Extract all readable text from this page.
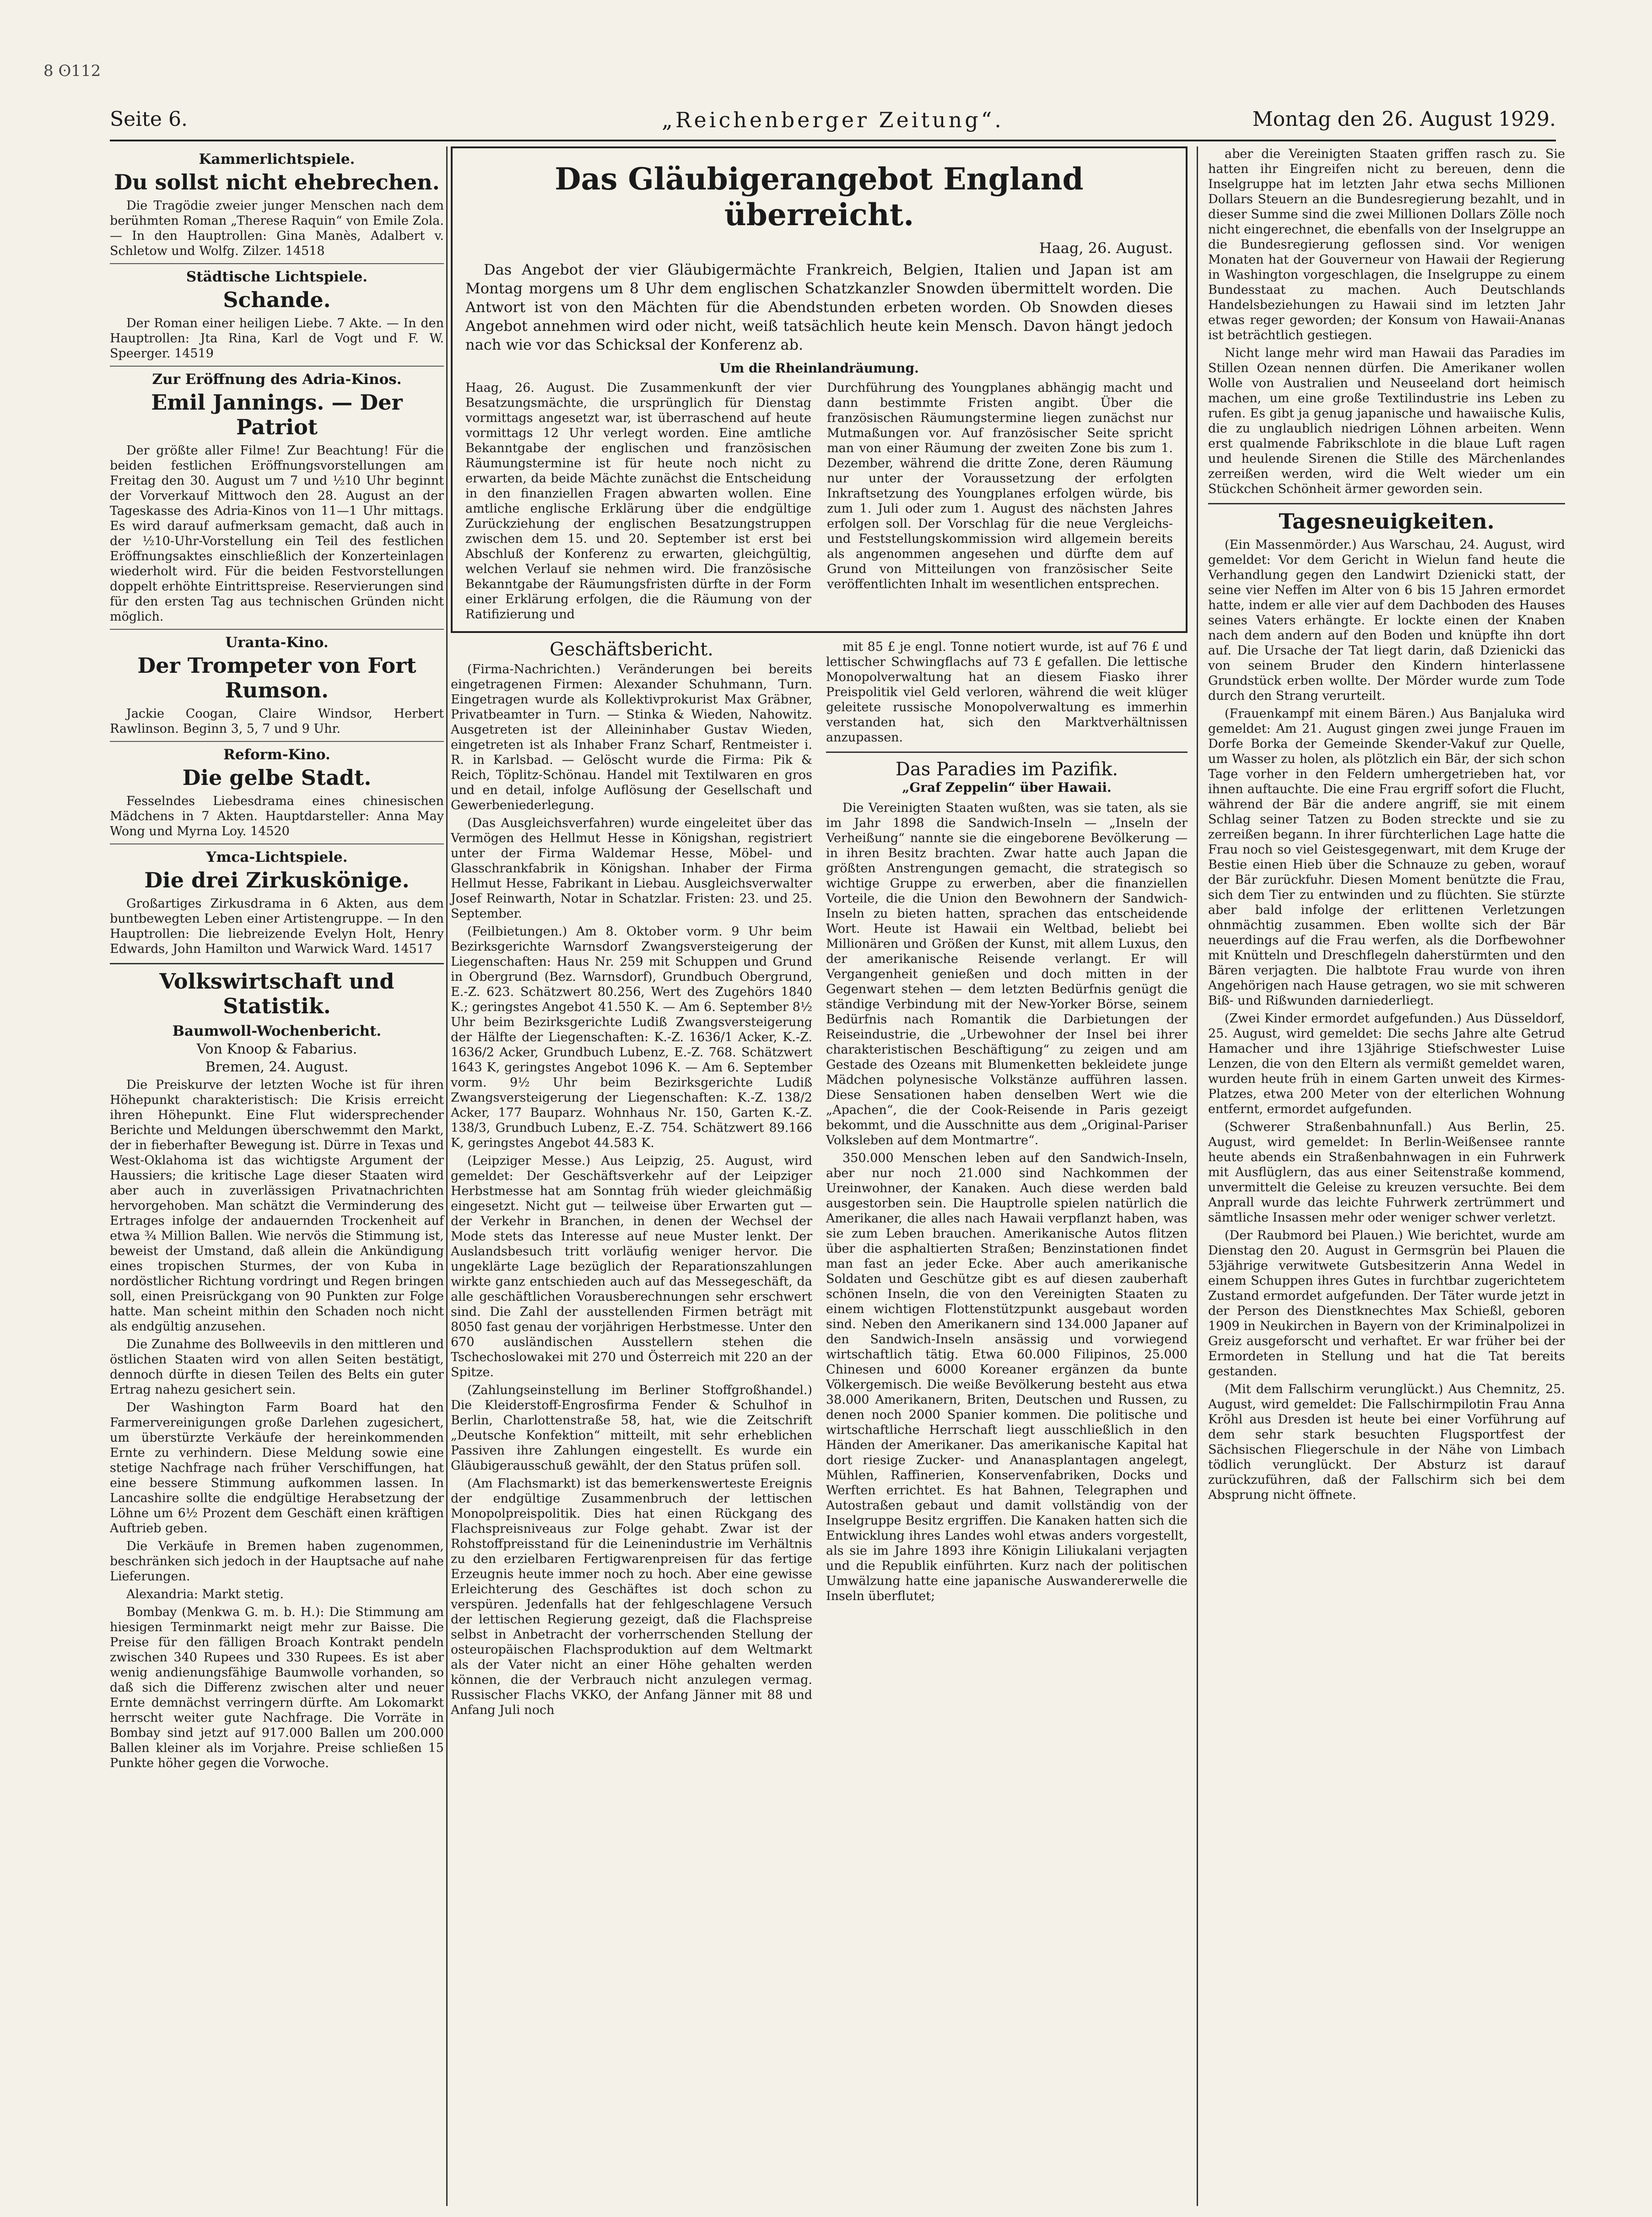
8 ʘ112
Seite 6.	„Reichenberger Zeitung“.	Montag den 26. August 1929.
Kammerlichtspiele.
Du sollst nicht ehebrechen.

Die Tragödie zweier junger Menschen nach dem berühmten Roman „Therese Raquin“ von Emile Zola. — In den Hauptrollen: Gina Manès, Adalbert v. Schletow und Wolfg. Zilzer. 14518

Städtische Lichtspiele.
Schande.

Der Roman einer heiligen Liebe. 7 Akte. — In den Hauptrollen: Jta Rina, Karl de Vogt und F. W. Speerger. 14519

Zur Eröffnung des Adria-Kinos.
Emil Jannings. — Der Patriot

Der größte aller Filme! Zur Beachtung! Für die beiden festlichen Eröffnungsvorstellungen am Freitag den 30. August um 7 und ½10 Uhr beginnt der Vorverkauf Mittwoch den 28. August an der Tageskasse des Adria-Kinos von 11—1 Uhr mittags. Es wird darauf aufmerksam gemacht, daß auch in der ½10-Uhr-Vorstellung ein Teil des festlichen Eröffnungsaktes einschließlich der Konzerteinlagen wiederholt wird. Für die beiden Festvorstellungen doppelt erhöhte Eintrittspreise. Reservierungen sind für den ersten Tag aus technischen Gründen nicht möglich.

Uranta-Kino.
Der Trompeter von Fort Rumson.

Jackie Coogan, Claire Windsor, Herbert Rawlinson. Beginn 3, 5, 7 und 9 Uhr.

Reform-Kino.
Die gelbe Stadt.

Fesselndes Liebesdrama eines chinesischen Mädchens in 7 Akten. Hauptdarsteller: Anna May Wong und Myrna Loy. 14520

Ymca-Lichtspiele.
Die drei Zirkuskönige.

Großartiges Zirkusdrama in 6 Akten, aus dem buntbewegten Leben einer Artistengruppe. — In den Hauptrollen: Die liebreizende Evelyn Holt, Henry Edwards, John Hamilton und Warwick Ward. 14517

Volkswirtschaft und Statistik.
Baumwoll-Wochenbericht.
Von Knoop & Fabarius.
Bremen, 24. August.

Die Preiskurve der letzten Woche ist für ihren Höhepunkt charakteristisch: Die Krisis erreicht ihren Höhepunkt. Eine Flut widersprechender Berichte und Meldungen überschwemmt den Markt, der in fieberhafter Bewegung ist. Dürre in Texas und West-Oklahoma ist das wichtigste Argument der Haussiers; die kritische Lage dieser Staaten wird aber auch in zuverlässigen Privatnachrichten hervorgehoben. Man schätzt die Verminderung des Ertrages infolge der andauernden Trockenheit auf etwa ¾ Million Ballen. Wie nervös die Stimmung ist, beweist der Umstand, daß allein die Ankündigung eines tropischen Sturmes, der von Kuba in nordöstlicher Richtung vordringt und Regen bringen soll, einen Preisrückgang von 90 Punkten zur Folge hatte. Man scheint mithin den Schaden noch nicht als endgültig anzusehen.

Die Zunahme des Bollweevils in den mittleren und östlichen Staaten wird von allen Seiten bestätigt, dennoch dürfte in diesen Teilen des Belts ein guter Ertrag nahezu gesichert sein.

Der Washington Farm Board hat den Farmervereinigungen große Darlehen zugesichert, um überstürzte Verkäufe der hereinkommenden Ernte zu verhindern. Diese Meldung sowie eine stetige Nachfrage nach früher Verschiffungen, hat eine bessere Stimmung aufkommen lassen. In Lancashire sollte die endgültige Herabsetzung der Löhne um 6½ Prozent dem Geschäft einen kräftigen Auftrieb geben.

Die Verkäufe in Bremen haben zugenommen, beschränken sich jedoch in der Hauptsache auf nahe Lieferungen.

Alexandria: Markt stetig.

Bombay (Menkwa G. m. b. H.): Die Stimmung am hiesigen Terminmarkt neigt mehr zur Baisse. Die Preise für den fälligen Broach Kontrakt pendeln zwischen 340 Rupees und 330 Rupees. Es ist aber wenig andienungsfähige Baumwolle vorhanden, so daß sich die Differenz zwischen alter und neuer Ernte demnächst verringern dürfte. Am Lokomarkt herrscht weiter gute Nachfrage. Die Vorräte in Bombay sind jetzt auf 917.000 Ballen um 200.000 Ballen kleiner als im Vorjahre. Preise schließen 15 Punkte höher gegen die Vorwoche.

Das Gläubigerangebot England überreicht.
Haag, 26. August.

Das Angebot der vier Gläubigermächte Frankreich, Belgien, Italien und Japan ist am Montag morgens um 8 Uhr dem englischen Schatzkanzler Snowden übermittelt worden. Die Antwort ist von den Mächten für die Abendstunden erbeten worden. Ob Snowden dieses Angebot annehmen wird oder nicht, weiß tatsächlich heute kein Mensch. Davon hängt jedoch nach wie vor das Schicksal der Konferenz ab.

Um die Rheinlandräumung.
Haag, 26. August. Die Zusammenkunft der vier Besatzungsmächte, die ursprünglich für Dienstag vormittags angesetzt war, ist überraschend auf heute vormittags 12 Uhr verlegt worden. Eine amtliche Bekanntgabe der englischen und französischen Räumungstermine ist für heute noch nicht zu erwarten, da beide Mächte zunächst die Entscheidung in den finanziellen Fragen abwarten wollen. Eine amtliche englische Erklärung über die endgültige Zurückziehung der englischen Besatzungstruppen zwischen dem 15. und 20. September ist erst bei Abschluß der Konferenz zu erwarten, gleichgültig, welchen Verlauf sie nehmen wird. Die französische Bekanntgabe der Räumungsfristen dürfte in der Form einer Erklärung erfolgen, die die Räumung von der Ratifizierung und
Durchführung des Youngplanes abhängig macht und dann bestimmte Fristen angibt. Über die französischen Räumungstermine liegen zunächst nur Mutmaßungen vor. Auf französischer Seite spricht man von einer Räumung der zweiten Zone bis zum 1. Dezember, während die dritte Zone, deren Räumung nur unter der Voraussetzung der erfolgten Inkraftsetzung des Youngplanes erfolgen würde, bis zum 1. Juli oder zum 1. August des nächsten Jahres erfolgen soll. Der Vorschlag für die neue Vergleichs- und Feststellungskommission wird allgemein bereits als angenommen angesehen und dürfte dem auf Grund von Mitteilungen von französischer Seite veröffentlichten Inhalt im wesentlichen entsprechen.
Geschäftsbericht.

(Firma-Nachrichten.) Veränderungen bei bereits eingetragenen Firmen: Alexander Schuhmann, Turn. Eingetragen wurde als Kollektivprokurist Max Gräbner, Privatbeamter in Turn. — Stinka & Wieden, Nahowitz. Ausgetreten ist der Alleininhaber Gustav Wieden, eingetreten ist als Inhaber Franz Scharf, Rentmeister i. R. in Karlsbad. — Gelöscht wurde die Firma: Pik & Reich, Töplitz-Schönau. Handel mit Textilwaren en gros und en detail, infolge Auflösung der Gesellschaft und Gewerbeniederlegung.

(Das Ausgleichsverfahren) wurde eingeleitet über das Vermögen des Hellmut Hesse in Königshan, registriert unter der Firma Waldemar Hesse, Möbel- und Glasschrankfabrik in Königshan. Inhaber der Firma Hellmut Hesse, Fabrikant in Liebau. Ausgleichsverwalter Josef Reinwarth, Notar in Schatzlar. Fristen: 23. und 25. September.

(Feilbietungen.) Am 8. Oktober vorm. 9 Uhr beim Bezirksgerichte Warnsdorf Zwangsversteigerung der Liegenschaften: Haus Nr. 259 mit Schuppen und Grund in Obergrund (Bez. Warnsdorf), Grundbuch Obergrund, E.-Z. 623. Schätzwert 80.256, Wert des Zugehörs 1840 K.; geringstes Angebot 41.550 K. — Am 6. September 8½ Uhr beim Bezirksgerichte Ludiß Zwangsversteigerung der Hälfte der Liegenschaften: K.-Z. 1636/1 Acker, K.-Z. 1636/2 Acker, Grundbuch Lubenz, E.-Z. 768. Schätzwert 1643 K, geringstes Angebot 1096 K. — Am 6. September vorm. 9½ Uhr beim Bezirksgerichte Ludiß Zwangsversteigerung der Liegenschaften: K.-Z. 138/2 Acker, 177 Bauparz. Wohnhaus Nr. 150, Garten K.-Z. 138/3, Grundbuch Lubenz, E.-Z. 754. Schätzwert 89.166 K, geringstes Angebot 44.583 K.

(Leipziger Messe.) Aus Leipzig, 25. August, wird gemeldet: Der Geschäftsverkehr auf der Leipziger Herbstmesse hat am Sonntag früh wieder gleichmäßig eingesetzt. Nicht gut — teilweise über Erwarten gut — der Verkehr in Branchen, in denen der Wechsel der Mode stets das Interesse auf neue Muster lenkt. Der Auslandsbesuch tritt vorläufig weniger hervor. Die ungeklärte Lage bezüglich der Reparationszahlungen wirkte ganz entschieden auch auf das Messegeschäft, da alle geschäftlichen Vorausberechnungen sehr erschwert sind. Die Zahl der ausstellenden Firmen beträgt mit 8050 fast genau der vorjährigen Herbstmesse. Unter den 670 ausländischen Ausstellern stehen die Tschechoslowakei mit 270 und Österreich mit 220 an der Spitze.

(Zahlungseinstellung im Berliner Stoffgroßhandel.) Die Kleiderstoff-Engrosfirma Fender & Schulhof in Berlin, Charlottenstraße 58, hat, wie die Zeitschrift „Deutsche Konfektion“ mitteilt, mit sehr erheblichen Passiven ihre Zahlungen eingestellt. Es wurde ein Gläubigerausschuß gewählt, der den Status prüfen soll.

(Am Flachsmarkt) ist das bemerkenswerteste Ereignis der endgültige Zusammenbruch der lettischen Monopolpreispolitik. Dies hat einen Rückgang des Flachspreisniveaus zur Folge gehabt. Zwar ist der Rohstoffpreisstand für die Leinenindustrie im Verhältnis zu den erzielbaren Fertigwarenpreisen für das fertige Erzeugnis heute immer noch zu hoch. Aber eine gewisse Erleichterung des Geschäftes ist doch schon zu verspüren. Jedenfalls hat der fehlgeschlagene Versuch der lettischen Regierung gezeigt, daß die Flachspreise selbst in Anbetracht der vorherrschenden Stellung der osteuropäischen Flachsproduktion auf dem Weltmarkt als der Vater nicht an einer Höhe gehalten werden können, die der Verbrauch nicht anzulegen vermag. Russischer Flachs VKKO, der Anfang Jänner mit 88 und Anfang Juli noch

mit 85 £ je engl. Tonne notiert wurde, ist auf 76 £ und lettischer Schwingflachs auf 73 £ gefallen. Die lettische Monopolverwaltung hat an diesem Fiasko ihrer Preispolitik viel Geld verloren, während die weit klüger geleitete russische Monopolverwaltung es immerhin verstanden hat, sich den Marktverhältnissen anzupassen.

Das Paradies im Pazifik.
„Graf Zeppelin“ über Hawaii.

Die Vereinigten Staaten wußten, was sie taten, als sie im Jahr 1898 die Sandwich-Inseln — „Inseln der Verheißung“ nannte sie die eingeborene Bevölkerung — in ihren Besitz brachten. Zwar hatte auch Japan die größten Anstrengungen gemacht, die strategisch so wichtige Gruppe zu erwerben, aber die finanziellen Vorteile, die die Union den Bewohnern der Sandwich-Inseln zu bieten hatten, sprachen das entscheidende Wort. Heute ist Hawaii ein Weltbad, beliebt bei Millionären und Größen der Kunst, mit allem Luxus, den der amerikanische Reisende verlangt. Er will Vergangenheit genießen und doch mitten in der Gegenwart stehen — dem letzten Bedürfnis genügt die ständige Verbindung mit der New-Yorker Börse, seinem Bedürfnis nach Romantik die Darbietungen der Reiseindustrie, die „Urbewohner der Insel bei ihrer charakteristischen Beschäftigung“ zu zeigen und am Gestade des Ozeans mit Blumenketten bekleidete junge Mädchen polynesische Volkstänze aufführen lassen. Diese Sensationen haben denselben Wert wie die „Apachen“, die der Cook-Reisende in Paris gezeigt bekommt, und die Ausschnitte aus dem „Original-Pariser Volksleben auf dem Montmartre“.

350.000 Menschen leben auf den Sandwich-Inseln, aber nur noch 21.000 sind Nachkommen der Ureinwohner, der Kanaken. Auch diese werden bald ausgestorben sein. Die Hauptrolle spielen natürlich die Amerikaner, die alles nach Hawaii verpflanzt haben, was sie zum Leben brauchen. Amerikanische Autos flitzen über die asphaltierten Straßen; Benzinstationen findet man fast an jeder Ecke. Aber auch amerikanische Soldaten und Geschütze gibt es auf diesen zauberhaft schönen Inseln, die von den Vereinigten Staaten zu einem wichtigen Flottenstützpunkt ausgebaut worden sind. Neben den Amerikanern sind 134.000 Japaner auf den Sandwich-Inseln ansässig und vorwiegend wirtschaftlich tätig. Etwa 60.000 Filipinos, 25.000 Chinesen und 6000 Koreaner ergänzen da bunte Völkergemisch. Die weiße Bevölkerung besteht aus etwa 38.000 Amerikanern, Briten, Deutschen und Russen, zu denen noch 2000 Spanier kommen. Die politische und wirtschaftliche Herrschaft liegt ausschließlich in den Händen der Amerikaner. Das amerikanische Kapital hat dort riesige Zucker- und Ananasplantagen angelegt, Mühlen, Raffinerien, Konservenfabriken, Docks und Werften errichtet. Es hat Bahnen, Telegraphen und Autostraßen gebaut und damit vollständig von der Inselgruppe Besitz ergriffen. Die Kanaken hatten sich die Entwicklung ihres Landes wohl etwas anders vorgestellt, als sie im Jahre 1893 ihre Königin Liliukalani verjagten und die Republik einführten. Kurz nach der politischen Umwälzung hatte eine japanische Auswandererwelle die Inseln überflutet;

aber die Vereinigten Staaten griffen rasch zu. Sie hatten ihr Eingreifen nicht zu bereuen, denn die Inselgruppe hat im letzten Jahr etwa sechs Millionen Dollars Steuern an die Bundesregierung bezahlt, und in dieser Summe sind die zwei Millionen Dollars Zölle noch nicht eingerechnet, die ebenfalls von der Inselgruppe an die Bundesregierung geflossen sind. Vor wenigen Monaten hat der Gouverneur von Hawaii der Regierung in Washington vorgeschlagen, die Inselgruppe zu einem Bundesstaat zu machen. Auch Deutschlands Handelsbeziehungen zu Hawaii sind im letzten Jahr etwas reger geworden; der Konsum von Hawaii-Ananas ist beträchtlich gestiegen.

Nicht lange mehr wird man Hawaii das Paradies im Stillen Ozean nennen dürfen. Die Amerikaner wollen Wolle von Australien und Neuseeland dort heimisch machen, um eine große Textilindustrie ins Leben zu rufen. Es gibt ja genug japanische und hawaiische Kulis, die zu unglaublich niedrigen Löhnen arbeiten. Wenn erst qualmende Fabrikschlote in die blaue Luft ragen und heulende Sirenen die Stille des Märchenlandes zerreißen werden, wird die Welt wieder um ein Stückchen Schönheit ärmer geworden sein.

Tagesneuigkeiten.

(Ein Massenmörder.) Aus Warschau, 24. August, wird gemeldet: Vor dem Gericht in Wielun fand heute die Verhandlung gegen den Landwirt Dzienicki statt, der seine vier Neffen im Alter von 6 bis 15 Jahren ermordet hatte, indem er alle vier auf dem Dachboden des Hauses seines Vaters erhängte. Er lockte einen der Knaben nach dem andern auf den Boden und knüpfte ihn dort auf. Die Ursache der Tat liegt darin, daß Dzienicki das von seinem Bruder den Kindern hinterlassene Grundstück erben wollte. Der Mörder wurde zum Tode durch den Strang verurteilt.

(Frauenkampf mit einem Bären.) Aus Banjaluka wird gemeldet: Am 21. August gingen zwei junge Frauen im Dorfe Borka der Gemeinde Skender-Vakuf zur Quelle, um Wasser zu holen, als plötzlich ein Bär, der sich schon Tage vorher in den Feldern umhergetrieben hat, vor ihnen auftauchte. Die eine Frau ergriff sofort die Flucht, während der Bär die andere angriff, sie mit einem Schlag seiner Tatzen zu Boden streckte und sie zu zerreißen begann. In ihrer fürchterlichen Lage hatte die Frau noch so viel Geistesgegenwart, mit dem Kruge der Bestie einen Hieb über die Schnauze zu geben, worauf der Bär zurückfuhr. Diesen Moment benützte die Frau, sich dem Tier zu entwinden und zu flüchten. Sie stürzte aber bald infolge der erlittenen Verletzungen ohnmächtig zusammen. Eben wollte sich der Bär neuerdings auf die Frau werfen, als die Dorfbewohner mit Knütteln und Dreschflegeln daherstürmten und den Bären verjagten. Die halbtote Frau wurde von ihren Angehörigen nach Hause getragen, wo sie mit schweren Biß- und Rißwunden darniederliegt.

(Zwei Kinder ermordet aufgefunden.) Aus Düsseldorf, 25. August, wird gemeldet: Die sechs Jahre alte Getrud Hamacher und ihre 13jährige Stiefschwester Luise Lenzen, die von den Eltern als vermißt gemeldet waren, wurden heute früh in einem Garten unweit des Kirmes-Platzes, etwa 200 Meter von der elterlichen Wohnung entfernt, ermordet aufgefunden.

(Schwerer Straßenbahnunfall.) Aus Berlin, 25. August, wird gemeldet: In Berlin-Weißensee rannte heute abends ein Straßenbahnwagen in ein Fuhrwerk mit Ausflüglern, das aus einer Seitenstraße kommend, unvermittelt die Geleise zu kreuzen versuchte. Bei dem Anprall wurde das leichte Fuhrwerk zertrümmert und sämtliche Insassen mehr oder weniger schwer verletzt.

(Der Raubmord bei Plauen.) Wie berichtet, wurde am Dienstag den 20. August in Germsgrün bei Plauen die 53jährige verwitwete Gutsbesitzerin Anna Wedel in einem Schuppen ihres Gutes in furchtbar zugerichtetem Zustand ermordet aufgefunden. Der Täter wurde jetzt in der Person des Dienstknechtes Max Schießl, geboren 1909 in Neukirchen in Bayern von der Kriminalpolizei in Greiz ausgeforscht und verhaftet. Er war früher bei der Ermordeten in Stellung und hat die Tat bereits gestanden.

(Mit dem Fallschirm verunglückt.) Aus Chemnitz, 25. August, wird gemeldet: Die Fallschirmpilotin Frau Anna Kröhl aus Dresden ist heute bei einer Vorführung auf dem sehr stark besuchten Flugsportfest der Sächsischen Fliegerschule in der Nähe von Limbach tödlich verunglückt. Der Absturz ist darauf zurückzuführen, daß der Fallschirm sich bei dem Absprung nicht öffnete.
